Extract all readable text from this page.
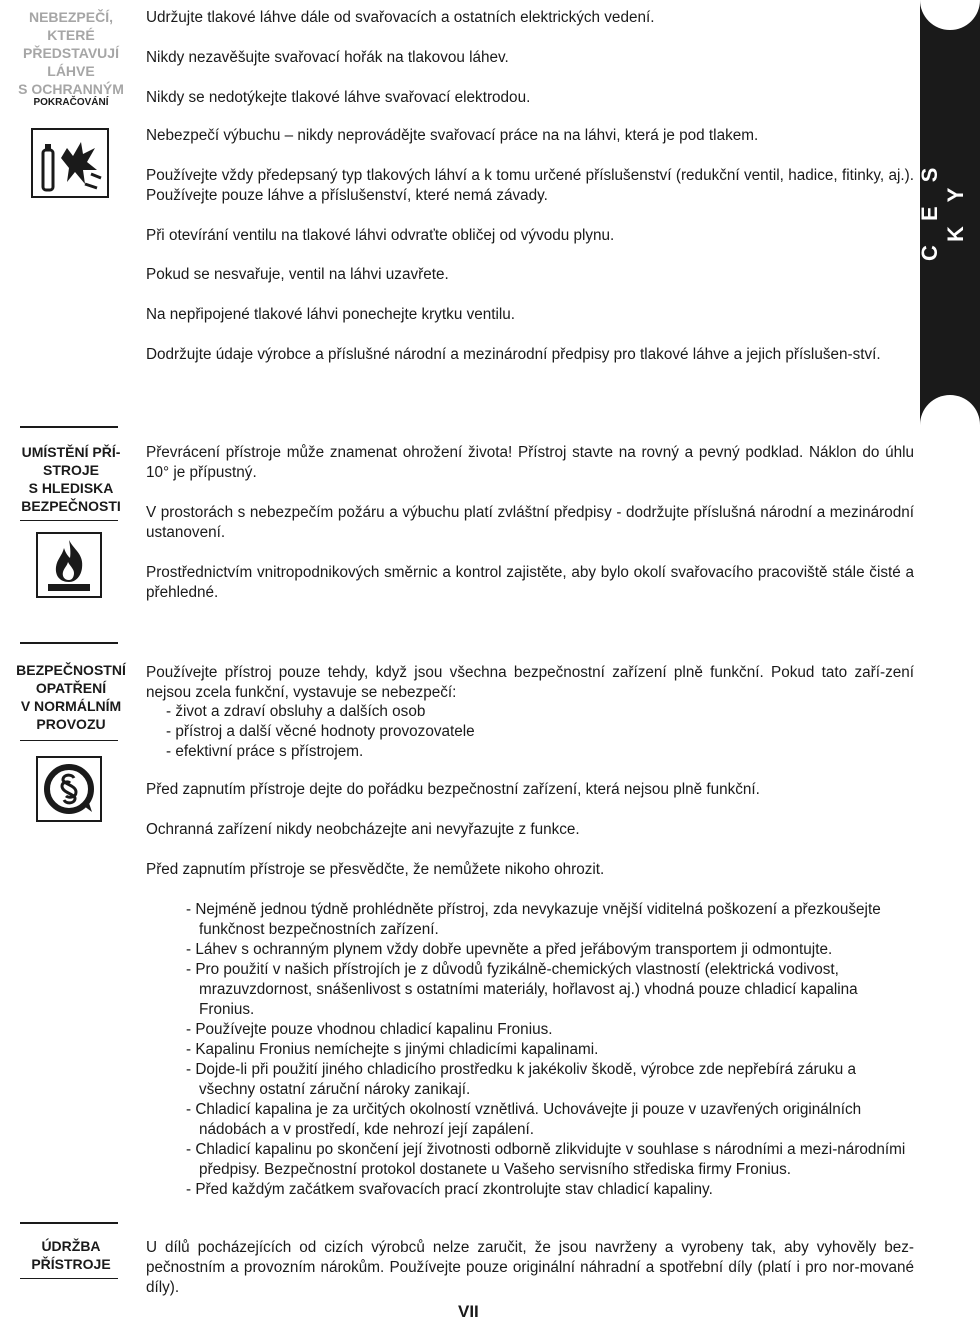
Č E S K Y
NEBEZPEČÍ, KTERÉ
PŘEDSTAVUJÍ
LÁHVE
S OCHRANNÝM
POKRAČOVÁNÍ

Udržujte tlakové láhve dále od svařovacích a ostatních elektrických vedení.

Nikdy nezavěšujte svařovací hořák na tlakovou láhev.

Nikdy se nedotýkejte tlakové láhve svařovací elektrodou.

Nebezpečí výbuchu – nikdy neprovádějte svařovací práce na na láhvi, která je pod tlakem.

Používejte vždy předepsaný typ tlakových láhví a k tomu určené příslušenství (redukční ventil, hadice, fitinky, aj.). Používejte pouze láhve a příslušenství, které nemá závady.

Při otevírání ventilu na tlakové láhvi odvraťte obličej od vývodu plynu.

Pokud se nesvařuje, ventil na láhvi uzavřete.

Na nepřipojené tlakové láhvi ponechejte krytku ventilu.

Dodržujte údaje výrobce a příslušné národní a mezinárodní předpisy pro tlakové láhve a jejich příslušen-ství.

UMÍSTĚNÍ PŘÍ-
STROJE
S HLEDISKA
BEZPEČNOSTI

Převrácení přístroje může znamenat ohrožení života! Přístroj stavte na rovný a pevný podklad. Náklon do úhlu 10° je přípustný.

V prostorách s nebezpečím požáru a výbuchu platí zvláštní předpisy - dodržujte příslušná národní a mezinárodní ustanovení.

Prostřednictvím vnitropodnikových směrnic a kontrol zajistěte, aby bylo okolí svařovacího pracoviště stále čisté a přehledné.

BEZPEČNOSTNÍ
OPATŘENÍ
V NORMÁLNÍM
PROVOZU

Používejte přístroj pouze tehdy, když jsou všechna bezpečnostní zařízení plně funkční. Pokud tato zaří-zení nejsou zcela funkční, vystavuje se nebezpečí:

- život a zdraví obsluhy a dalších osob
- přístroj a další věcné hodnoty provozovatele
- efektivní práce s přístrojem.

Před zapnutím přístroje dejte do pořádku bezpečnostní zařízení, která nejsou plně funkční.

Ochranná zařízení nikdy neobcházejte ani nevyřazujte z funkce.

Před zapnutím přístroje se přesvědčte, že nemůžete nikoho ohrozit.

- Nejméně jednou týdně prohlédněte přístroj, zda nevykazuje vnější viditelná poškození a přezkoušejte funkčnost bezpečnostních zařízení.
- Láhev s ochranným plynem vždy dobře upevněte a před jeřábovým transportem ji odmontujte.
- Pro použití v našich přístrojích je z důvodů fyzikálně-chemických vlastností (elektrická vodivost, mrazuvzdornost, snášenlivost s ostatními materiály, hořlavost aj.) vhodná pouze chladicí kapalina Fronius.
- Používejte pouze vhodnou chladicí kapalinu Fronius.
- Kapalinu Fronius nemíchejte s jinými chladicími kapalinami.
- Dojde-li při použití jiného chladicího prostředku k jakékoliv škodě, výrobce zde nepřebírá záruku a všechny ostatní záruční nároky zanikají.
- Chladicí kapalina je za určitých okolností vznětlivá. Uchovávejte ji pouze v uzavřených originálních nádobách a v prostředí, kde nehrozí její zapálení.
- Chladicí kapalinu po skončení její životnosti odborně zlikvidujte v souhlase s národními a mezi-národními předpisy. Bezpečnostní protokol dostanete u Vašeho servisního střediska firmy Fronius.
- Před každým začátkem svařovacích prací zkontrolujte stav chladicí kapaliny.
ÚDRŽBA
PŘÍSTROJE

U dílů pocházejících od cizích výrobců nelze zaručit, že jsou navrženy a vyrobeny tak, aby vyhověly bez-pečnostním a provozním nárokům. Používejte pouze originální náhradní a spotřební díly (platí i pro nor-mované díly).

VII
